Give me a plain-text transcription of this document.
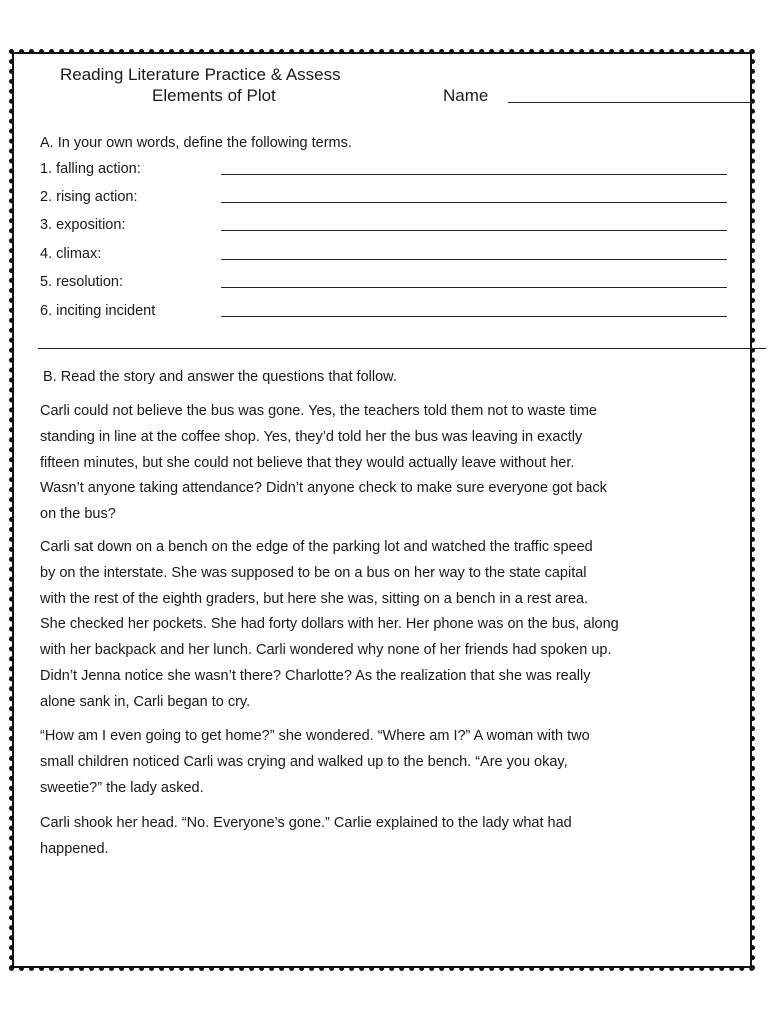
Reading Literature Practice & Assess
Elements of Plot	Name
A. In your own words, define the following terms.
1. falling action:
2. rising action:
3. exposition:
4. climax:
5. resolution:
6. inciting incident
B. Read the story and answer the questions that follow.
Carli could not believe the bus was gone. Yes, the teachers told them not to waste time
standing in line at the coffee shop. Yes, they’d told her the bus was leaving in exactly
fifteen minutes, but she could not believe that they would actually leave without her.
Wasn’t anyone taking attendance? Didn’t anyone check to make sure everyone got back
on the bus?
Carli sat down on a bench on the edge of the parking lot and watched the traffic speed
by on the interstate. She was supposed to be on a bus on her way to the state capital
with the rest of the eighth graders, but here she was, sitting on a bench in a rest area.
She checked her pockets. She had forty dollars with her. Her phone was on the bus, along
with her backpack and her lunch. Carli wondered why none of her friends had spoken up.
Didn’t Jenna notice she wasn’t there? Charlotte? As the realization that she was really
alone sank in, Carli began to cry.
“How am I even going to get home?” she wondered. “Where am I?” A woman with two
small children noticed Carli was crying and walked up to the bench. “Are you okay,
sweetie?” the lady asked.
Carli shook her head. “No. Everyone’s gone.” Carlie explained to the lady what had
happened.
